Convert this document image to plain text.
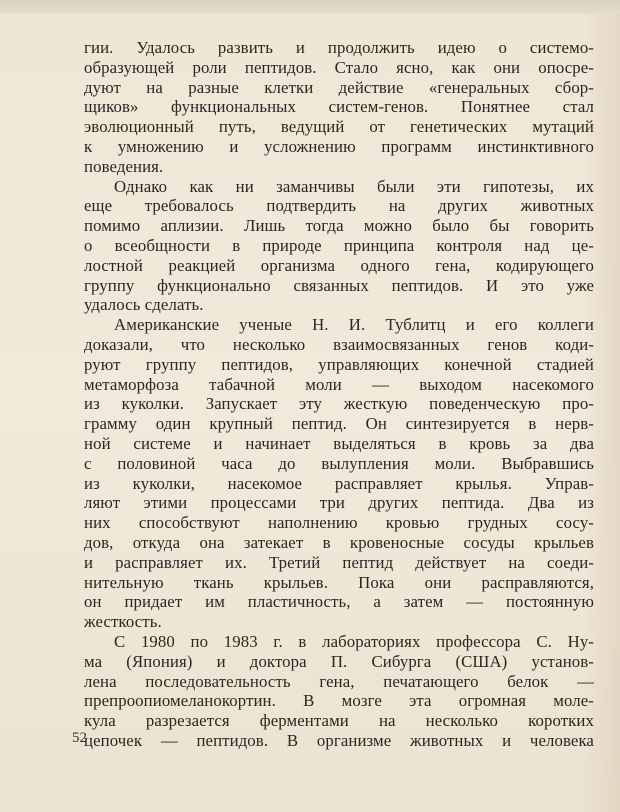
гии. Удалось развить и продолжить идею о системо-
образующей роли пептидов. Стало ясно, как они опосре-
дуют на разные клетки действие «генеральных сбор-
щиков» функциональных систем-генов. Понятнее стал
эволюционный путь, ведущий от генетических мутаций
к умножению и усложнению программ инстинктивного
поведения.
Однако как ни заманчивы были эти гипотезы, их
еще требовалось подтвердить на других животных
помимо аплизии. Лишь тогда можно было бы говорить
о всеобщности в природе принципа контроля над це-
лостной реакцией организма одного гена, кодирующего
группу функционально связанных пептидов. И это уже
удалось сделать.
Американские ученые Н. И. Тублитц и его коллеги
доказали, что несколько взаимосвязанных генов коди-
руют группу пептидов, управляющих конечной стадией
метаморфоза табачной моли — выходом насекомого
из куколки. Запускает эту жесткую поведенческую про-
грамму один крупный пептид. Он синтезируется в нерв-
ной системе и начинает выделяться в кровь за два
с половиной часа до вылупления моли. Выбравшись
из куколки, насекомое расправляет крылья. Управ-
ляют этими процессами три других пептида. Два из
них способствуют наполнению кровью грудных сосу-
дов, откуда она затекает в кровеносные сосуды крыльев
и расправляет их. Третий пептид действует на соеди-
нительную ткань крыльев. Пока они расправляются,
он придает им пластичность, а затем — постоянную
жесткость.
С 1980 по 1983 г. в лабораториях профессора С. Ну-
ма (Япония) и доктора П. Сибурга (США) установ-
лена последовательность гена, печатающего белок —
препроопиомеланокортин. В мозге эта огромная моле-
кула разрезается ферментами на несколько коротких
цепочек — пептидов. В организме животных и человека
52
